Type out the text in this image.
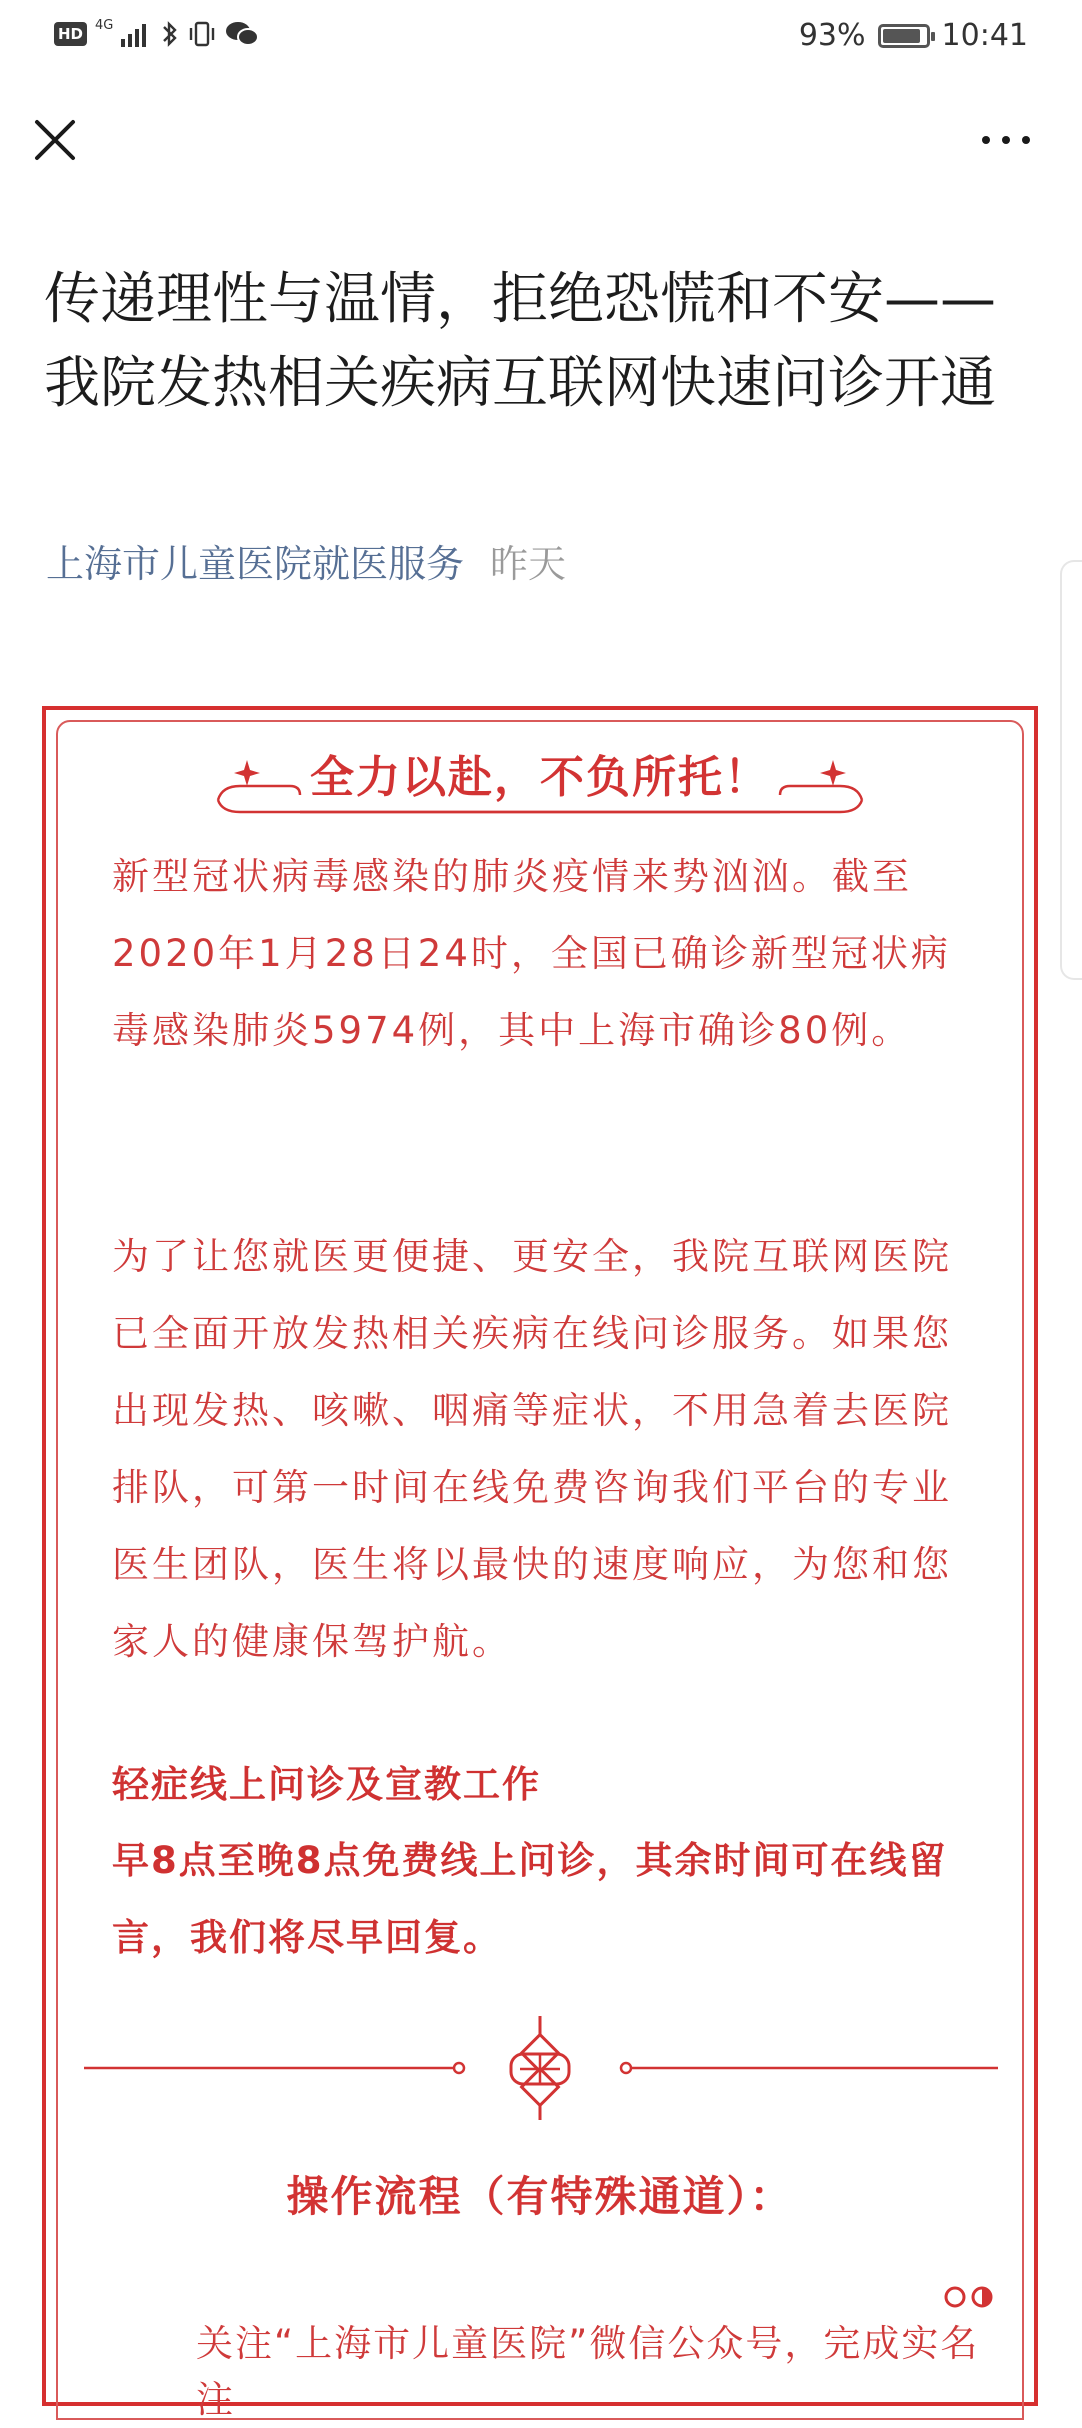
HD 4G	93%	10:41
传递理性与温情，拒绝恐慌和不安——我院发热相关疾病互联网快速问诊开通
上海市儿童医院就医服务 昨天
全力以赴，不负所托！

新型冠状病毒感染的肺炎疫情来势汹汹。截至2020年1月28日24时，全国已确诊新型冠状病毒感染肺炎5974例，其中上海市确诊80例。

为了让您就医更便捷、更安全，我院互联网医院已全面开放发热相关疾病在线问诊服务。如果您出现发热、咳嗽、咽痛等症状，不用急着去医院排队，可第一时间在线免费咨询我们平台的专业医生团队，医生将以最快的速度响应，为您和您家人的健康保驾护航。

轻症线上问诊及宣教工作

早8点至晚8点免费线上问诊，其余时间可在线留言，我们将尽早回复。

操作流程（有特殊通道）：
关注“上海市儿童医院”微信公众号，完成实名注
